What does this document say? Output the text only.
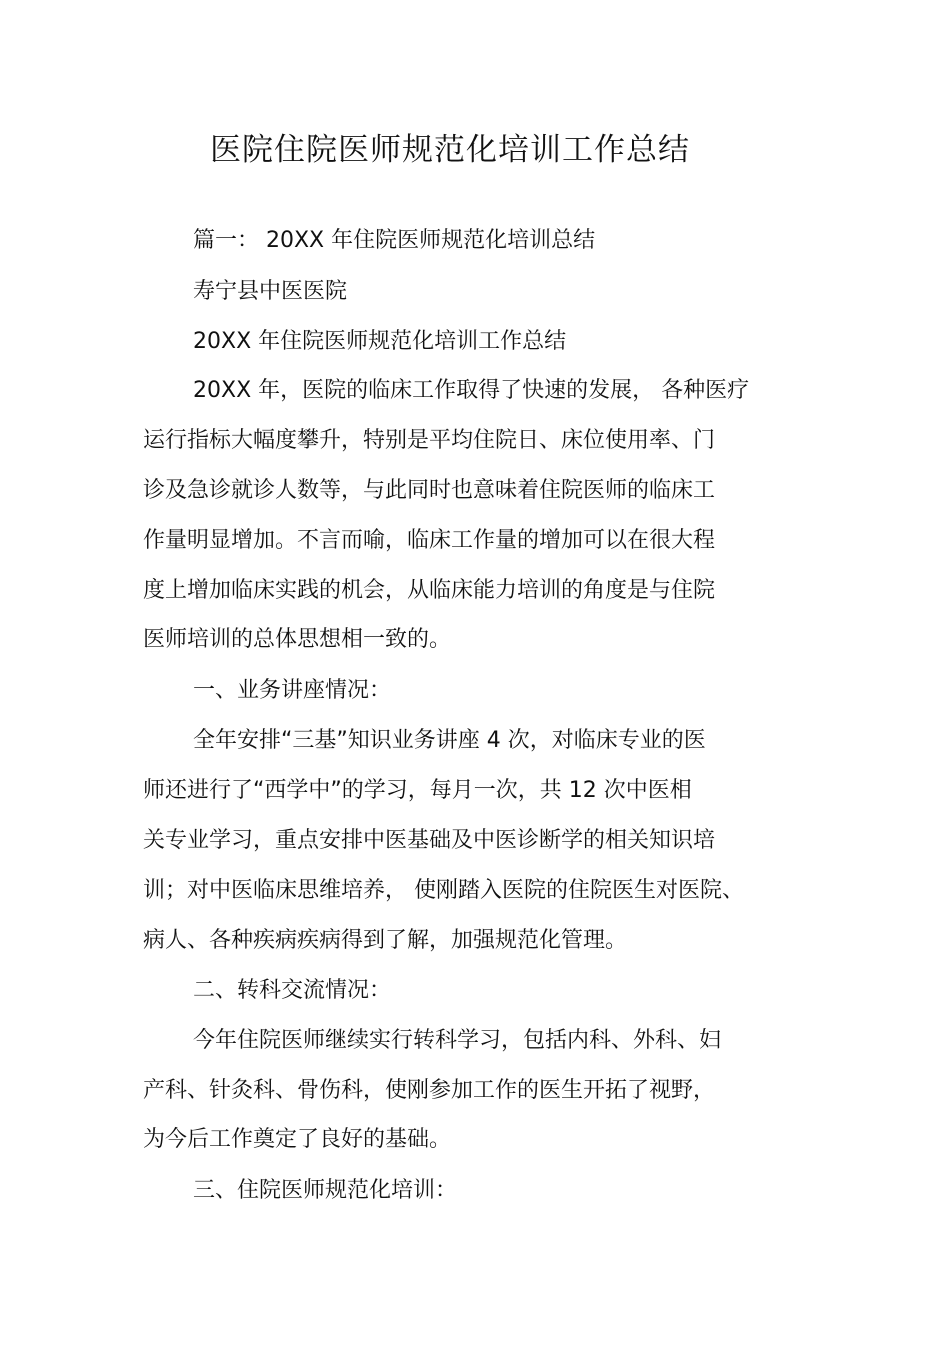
医院住院医师规范化培训工作总结
篇一： 20XX 年住院医师规范化培训总结
寿宁县中医医院
20XX 年住院医师规范化培训工作总结
20XX 年，医院的临床工作取得了快速的发展， 各种医疗
运行指标大幅度攀升，特别是平均住院日、床位使用率、门
诊及急诊就诊人数等，与此同时也意味着住院医师的临床工
作量明显增加。不言而喻，临床工作量的增加可以在很大程
度上增加临床实践的机会，从临床能力培训的角度是与住院
医师培训的总体思想相一致的。
一、业务讲座情况：
全年安排“三基”知识业务讲座 4 次，对临床专业的医
师还进行了“西学中”的学习，每月一次，共 12 次中医相
关专业学习，重点安排中医基础及中医诊断学的相关知识培
训；对中医临床思维培养， 使刚踏入医院的住院医生对医院、
病人、各种疾病疾病得到了解，加强规范化管理。
二、转科交流情况：
今年住院医师继续实行转科学习，包括内科、外科、妇
产科、针灸科、骨伤科，使刚参加工作的医生开拓了视野，
为今后工作奠定了良好的基础。
三、住院医师规范化培训：
